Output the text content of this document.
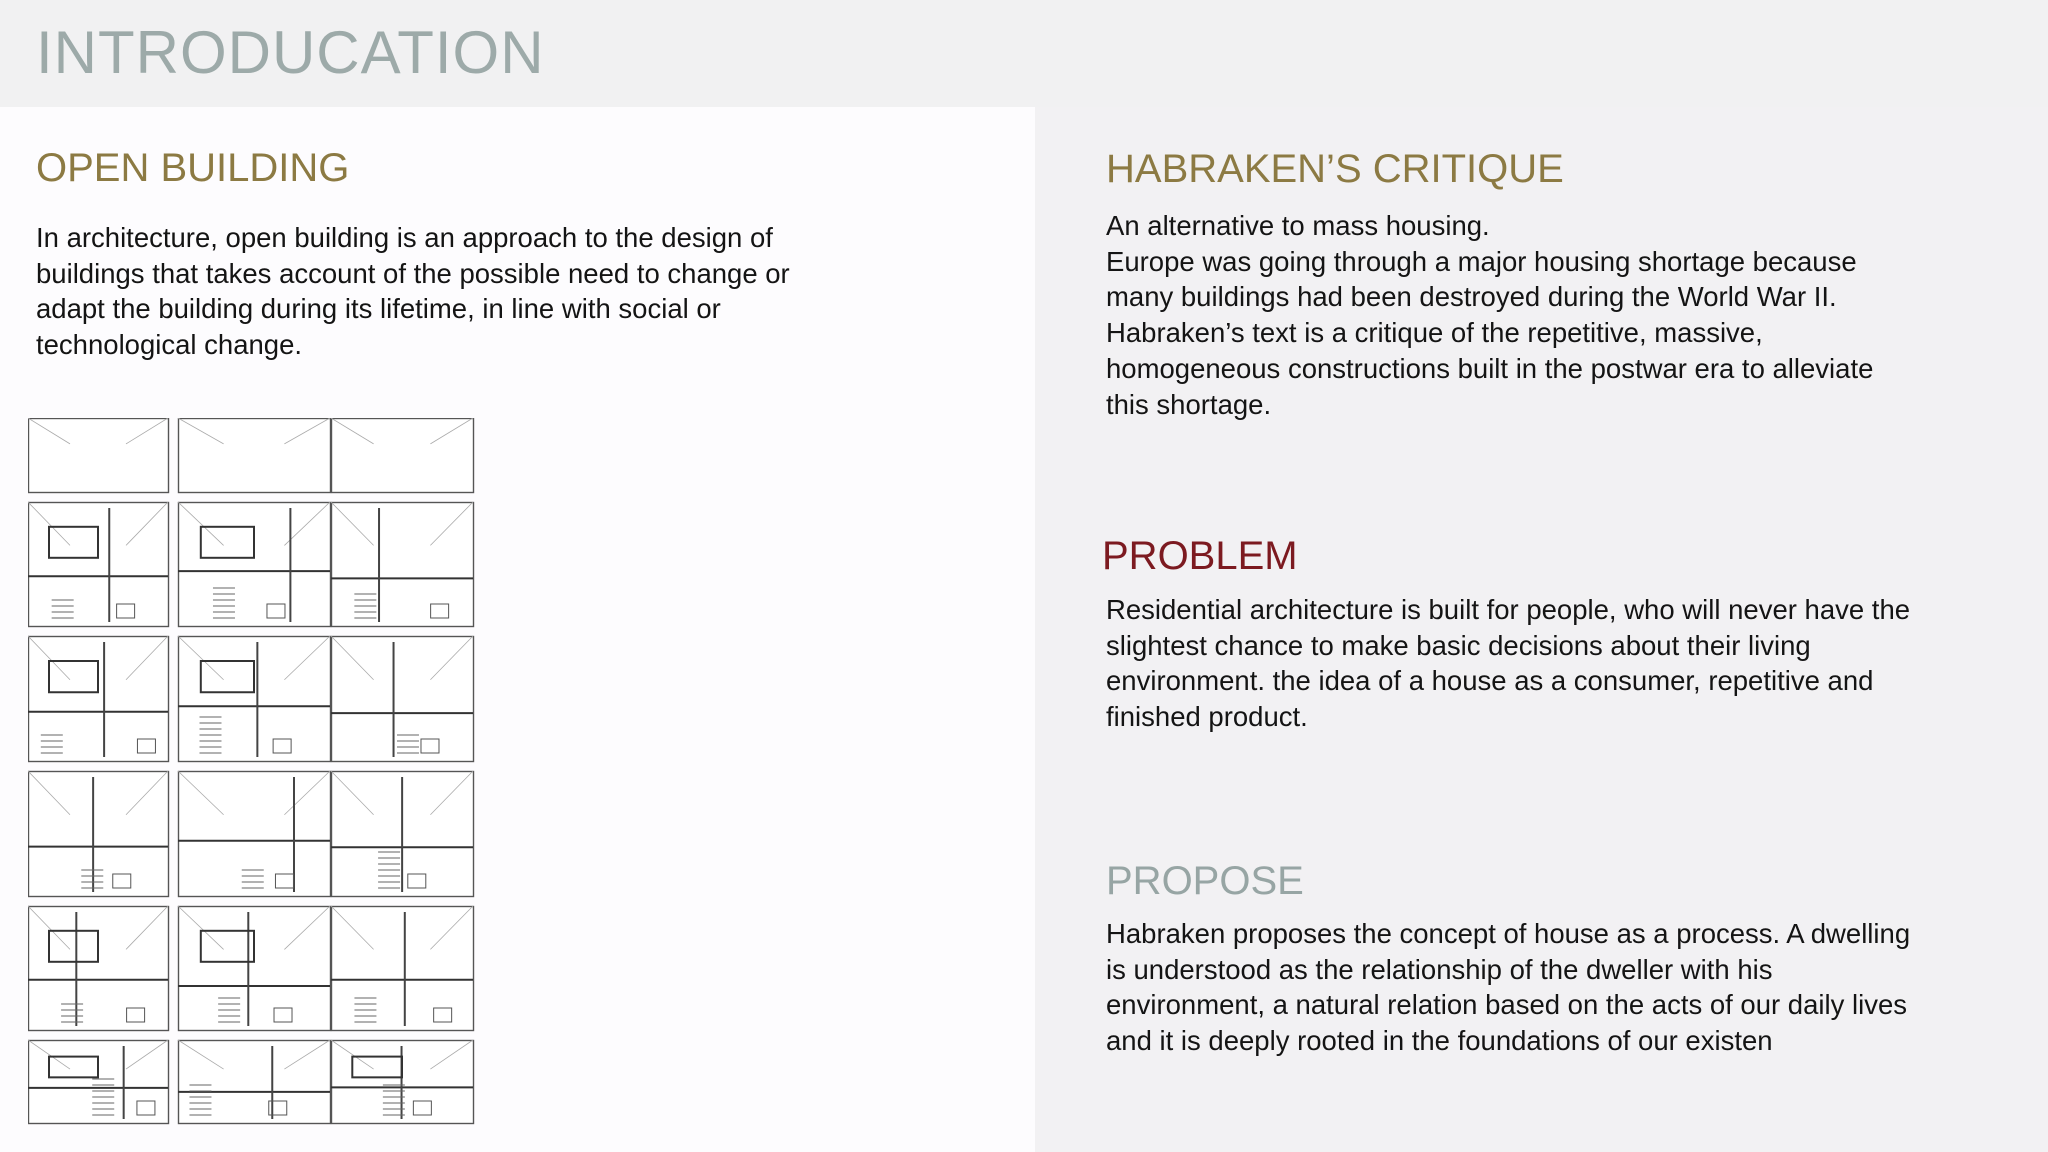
INTRODUCATION
OPEN BUILDING

In architecture, open building is an approach to the design of
buildings that takes account of the possible need to change or
adapt the building during its lifetime, in line with social or
technological change.

HABRAKEN’S CRITIQUE

An alternative to mass housing.
Europe was going through a major housing shortage because
many buildings had been destroyed during the World War II.
Habraken’s text is a critique of the repetitive, massive,
homogeneous constructions built in the postwar era to alleviate
this shortage.

PROBLEM

Residential architecture is built for people, who will never have the
slightest chance to make basic decisions about their living
environment. the idea of a house as a consumer, repetitive and
finished product.

PROPOSE

Habraken proposes the concept of house as a process. A dwelling
is understood as the relationship of the dweller with his
environment, a natural relation based on the acts of our daily lives
and it is deeply rooted in the foundations of our existen
